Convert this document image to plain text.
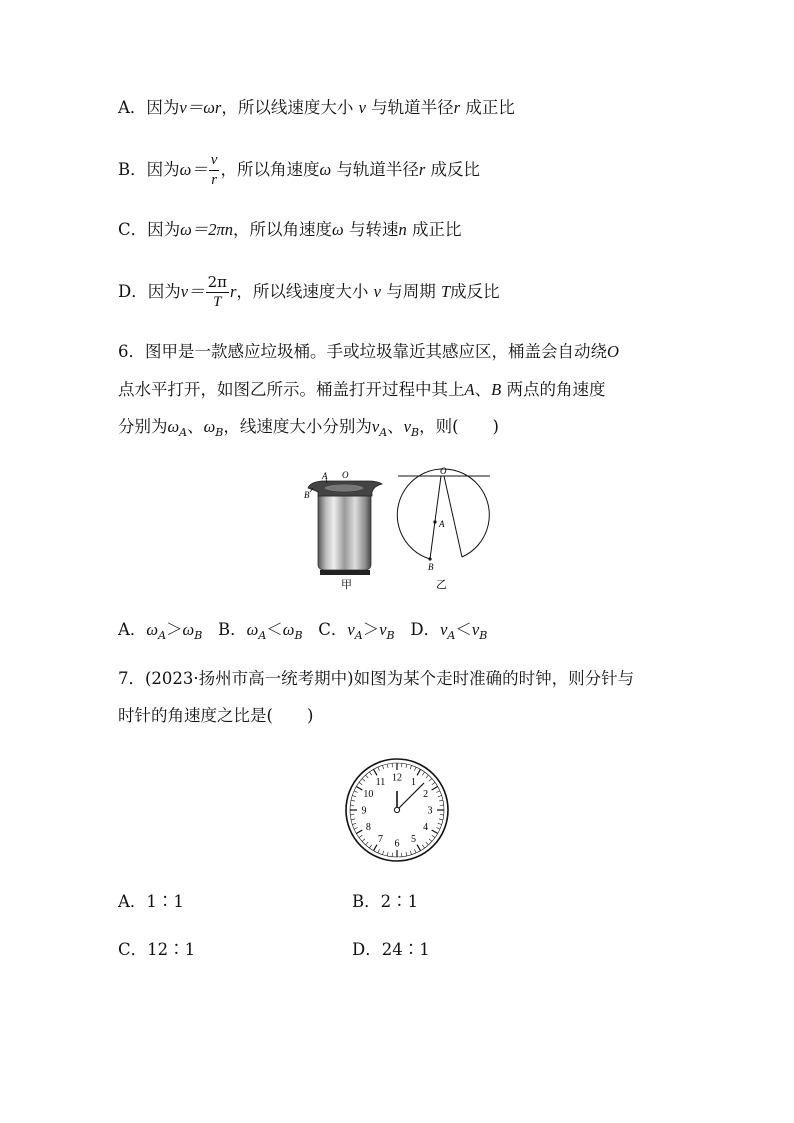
A．因为v＝ωr，所以线速度大小 v 与轨道半径r 成正比
B．因为$\omega= \frac{v}{r}$ ，所以角速度ω 与轨道半径r 成反比
C．因为ω＝2πn，所以角速度ω 与转速n 成正比
D．因为$v= \frac{2\pi}{T}$ r，所以线速度大小 v 与周期 T成反比
6．图甲是一款感应垃圾桶。手或垃圾靠近其感应区，桶盖会自动绕O
点水平打开，如图乙所示。桶盖打开过程中其上A、B 两点的角速度
分别为$\omega_A$、$\omega_B$，线速度大小分别为$v_A$、$v_B$，则( )
A
B
O
甲
O
A
B
乙
A．$\omega_A>\omega_B$ B．$\omega_A<\omega_B$ C．$v_A>v_B$ D．$v_A<v_B$
7．(2023·扬州市高一统考期中)如图为某个走时准确的时钟，则分针与
时针的角速度之比是( )
12 1
2
3
4
5
6
7
8
9
10
11
A．1∶1	B．2∶1
C．12∶1	D．24∶1
